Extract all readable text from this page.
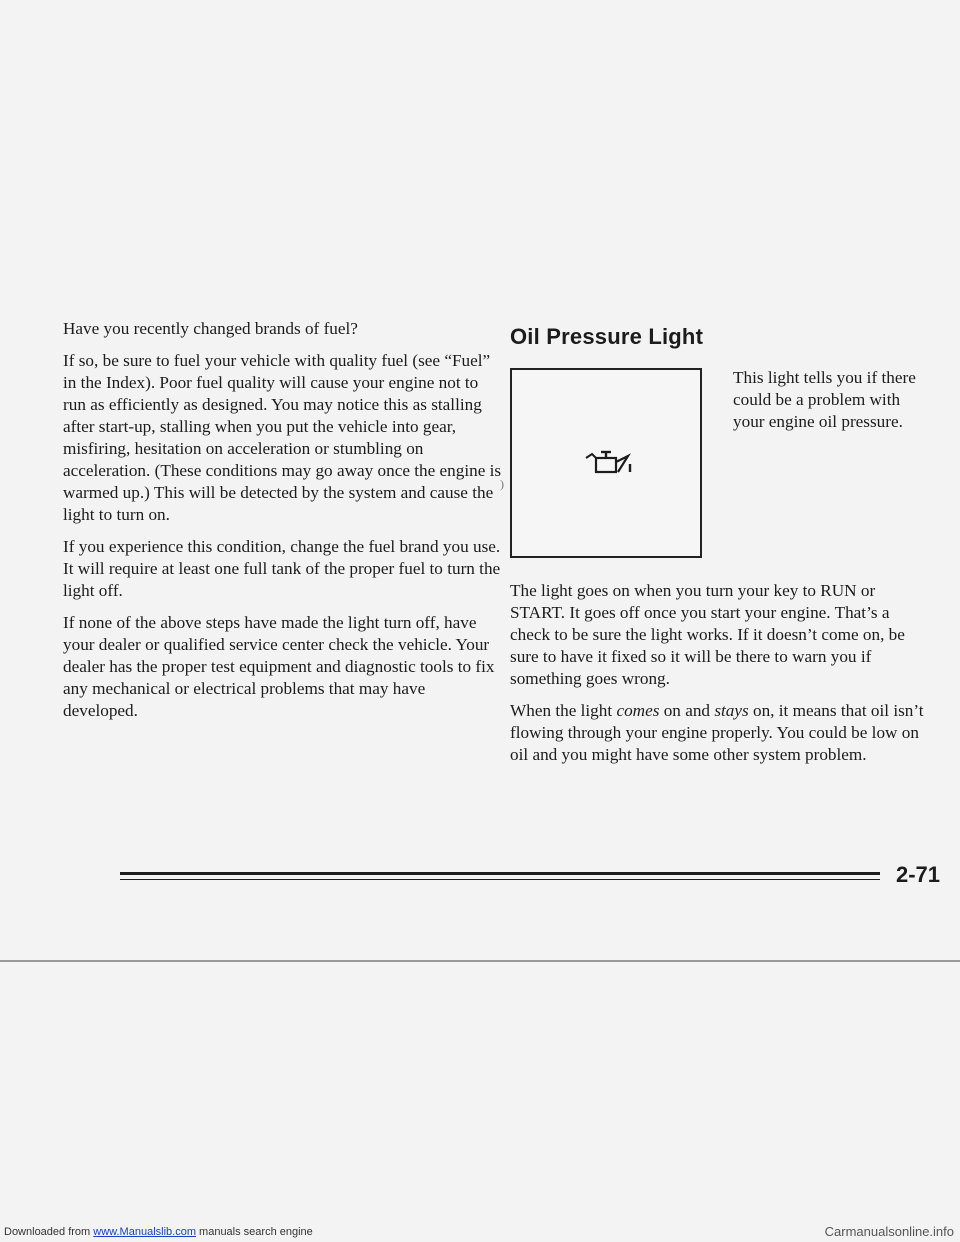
Have you recently changed brands of fuel?

If so, be sure to fuel your vehicle with quality fuel (see “Fuel” in the Index). Poor fuel quality will cause your engine not to run as efficiently as designed. You may notice this as stalling after start-up, stalling when you put the vehicle into gear, misfiring, hesitation on acceleration or stumbling on acceleration. (These conditions may go away once the engine is warmed up.) This will be detected by the system and cause the light to turn on.

If you experience this condition, change the fuel brand you use. It will require at least one full tank of the proper fuel to turn the light off.

If none of the above steps have made the light turn off, have your dealer or qualified service center check the vehicle. Your dealer has the proper test equipment and diagnostic tools to fix any mechanical or electrical problems that may have developed.

)
Oil Pressure Light

This light tells you if there could be a problem with your engine oil pressure.

The light goes on when you turn your key to RUN or START. It goes off once you start your engine. That’s a check to be sure the light works. If it doesn’t come on, be sure to have it fixed so it will be there to warn you if something goes wrong.

When the light comes on and stays on, it means that oil isn’t flowing through your engine properly. You could be low on oil and you might have some other system problem.

2-71
Downloaded from www.Manualslib.com manuals search engine	Carmanualsonline.info
